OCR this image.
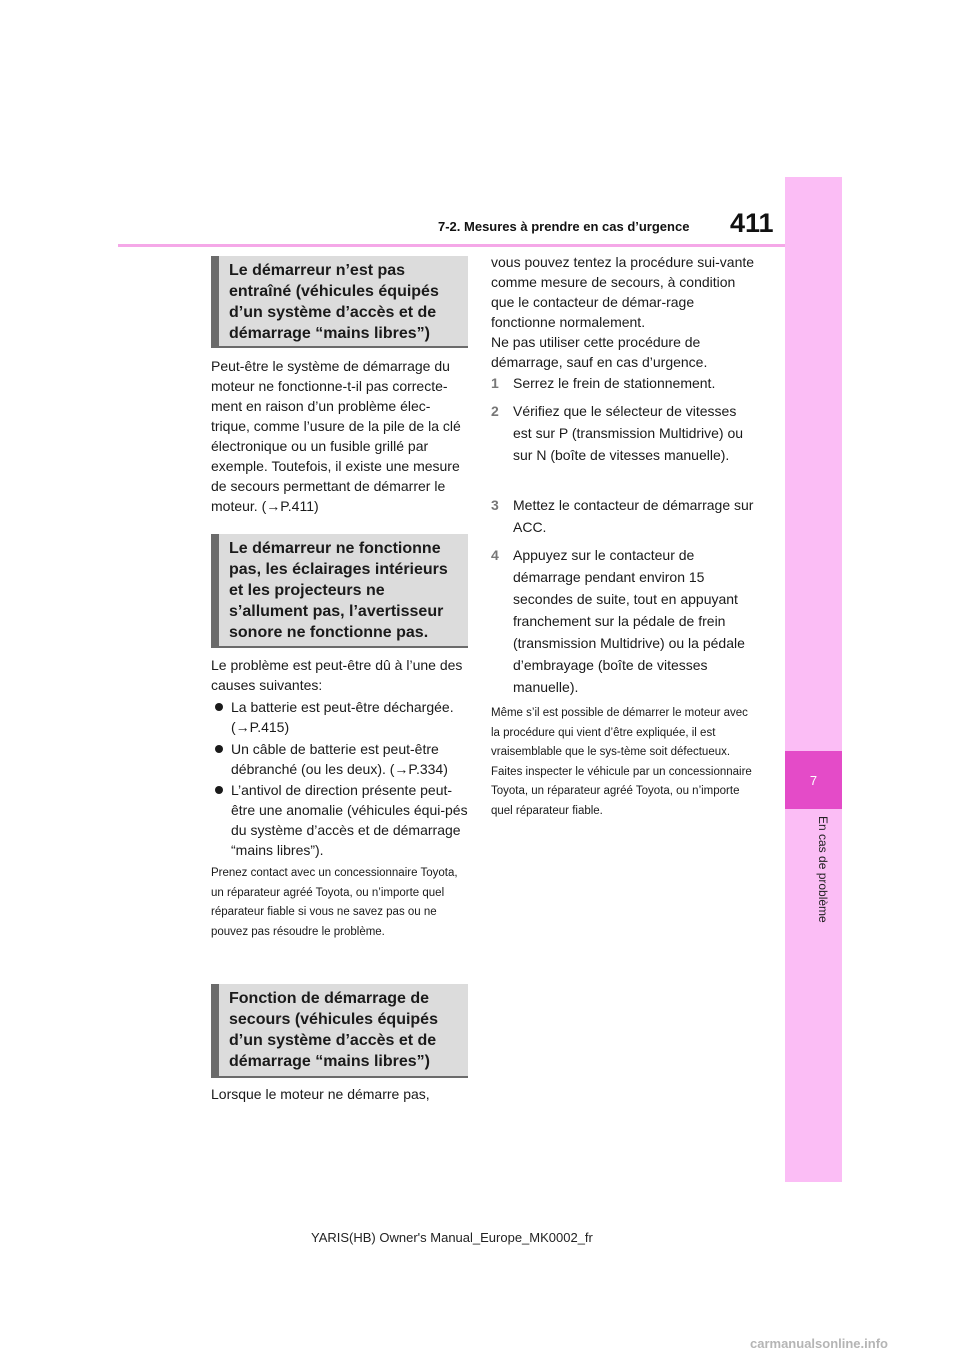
411
7-2. Mesures à prendre en cas d’urgence
7
En cas de problème
Le démarreur n’est pas entraîné (véhicules équipés d’un système d’accès et de démarrage “mains libres”)
Peut-être le système de démarrage du moteur ne fonctionne-t-il pas correcte-ment en raison d’un problème élec-trique, comme l’usure de la pile de la clé électronique ou un fusible grillé par exemple. Toutefois, il existe une mesure de secours permettant de démarrer le moteur. (→P.411)
Le démarreur ne fonctionne pas, les éclairages intérieurs et les projecteurs ne s’allument pas, l’avertisseur sonore ne fonctionne pas.
Le problème est peut-être dû à l’une des causes suivantes:
La batterie est peut-être déchargée. (→P.415)
Un câble de batterie est peut-être débranché (ou les deux). (→P.334)
L’antivol de direction présente peut-être une anomalie (véhicules équi-pés du système d’accès et de démarrage “mains libres”).
Prenez contact avec un concessionnaire Toyota, un réparateur agréé Toyota, ou n’importe quel réparateur fiable si vous ne savez pas ou ne pouvez pas résoudre le problème.
Fonction de démarrage de secours (véhicules équipés d’un système d’accès et de démarrage “mains libres”)
Lorsque le moteur ne démarre pas,
vous pouvez tentez la procédure sui-vante comme mesure de secours, à condition que le contacteur de démar-rage fonctionne normalement.
Ne pas utiliser cette procédure de démarrage, sauf en cas d’urgence.
1 Serrez le frein de stationnement.
2 Vérifiez que le sélecteur de vitesses est sur P (transmission Multidrive) ou sur N (boîte de vitesses manuelle).
3 Mettez le contacteur de démarrage sur ACC.
4 Appuyez sur le contacteur de démarrage pendant environ 15 secondes de suite, tout en appuyant franchement sur la pédale de frein (transmission Multidrive) ou la pédale d’embrayage (boîte de vitesses manuelle).
Même s’il est possible de démarrer le moteur avec la procédure qui vient d’être expliquée, il est vraisemblable que le sys-tème soit défectueux. Faites inspecter le véhicule par un concessionnaire Toyota, un réparateur agréé Toyota, ou n’importe quel réparateur fiable.
YARIS(HB) Owner's Manual_Europe_MK0002_fr
carmanualsonline.info
